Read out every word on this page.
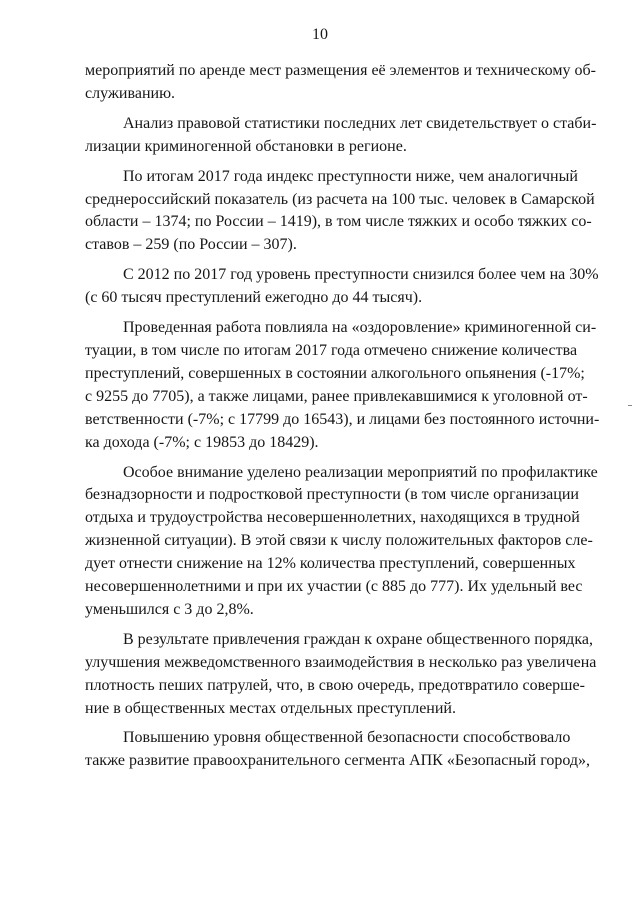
10

мероприятий по аренде мест размещения её элементов и техническому об-
служиванию.

Анализ правовой статистики последних лет свидетельствует о стаби-
лизации криминогенной обстановки в регионе.

По итогам 2017 года индекс преступности ниже, чем аналогичный
среднероссийский показатель (из расчета на 100 тыс. человек в Самарской
области – 1374; по России – 1419), в том числе тяжких и особо тяжких со-
ставов – 259 (по России – 307).

С 2012 по 2017 год уровень преступности снизился более чем на 30%
(с 60 тысяч преступлений ежегодно до 44 тысяч).

Проведенная работа повлияла на «оздоровление» криминогенной си-
туации, в том числе по итогам 2017 года отмечено снижение количества
преступлений, совершенных в состоянии алкогольного опьянения (-17%;
с 9255 до 7705), а также лицами, ранее привлекавшимися к уголовной от-
ветственности (-7%; с 17799 до 16543), и лицами без постоянного источни-
ка дохода (-7%; с 19853 до 18429).

Особое внимание уделено реализации мероприятий по профилактике
безнадзорности и подростковой преступности (в том числе организации
отдыха и трудоустройства несовершеннолетних, находящихся в трудной
жизненной ситуации). В этой связи к числу положительных факторов сле-
дует отнести снижение на 12% количества преступлений, совершенных
несовершеннолетними и при их участии (с 885 до 777). Их удельный вес
уменьшился с 3 до 2,8%.

В результате привлечения граждан к охране общественного порядка,
улучшения межведомственного взаимодействия в несколько раз увеличена
плотность пеших патрулей, что, в свою очередь, предотвратило соверше-
ние в общественных местах отдельных преступлений.

Повышению уровня общественной безопасности способствовало
также развитие правоохранительного сегмента АПК «Безопасный город»,
